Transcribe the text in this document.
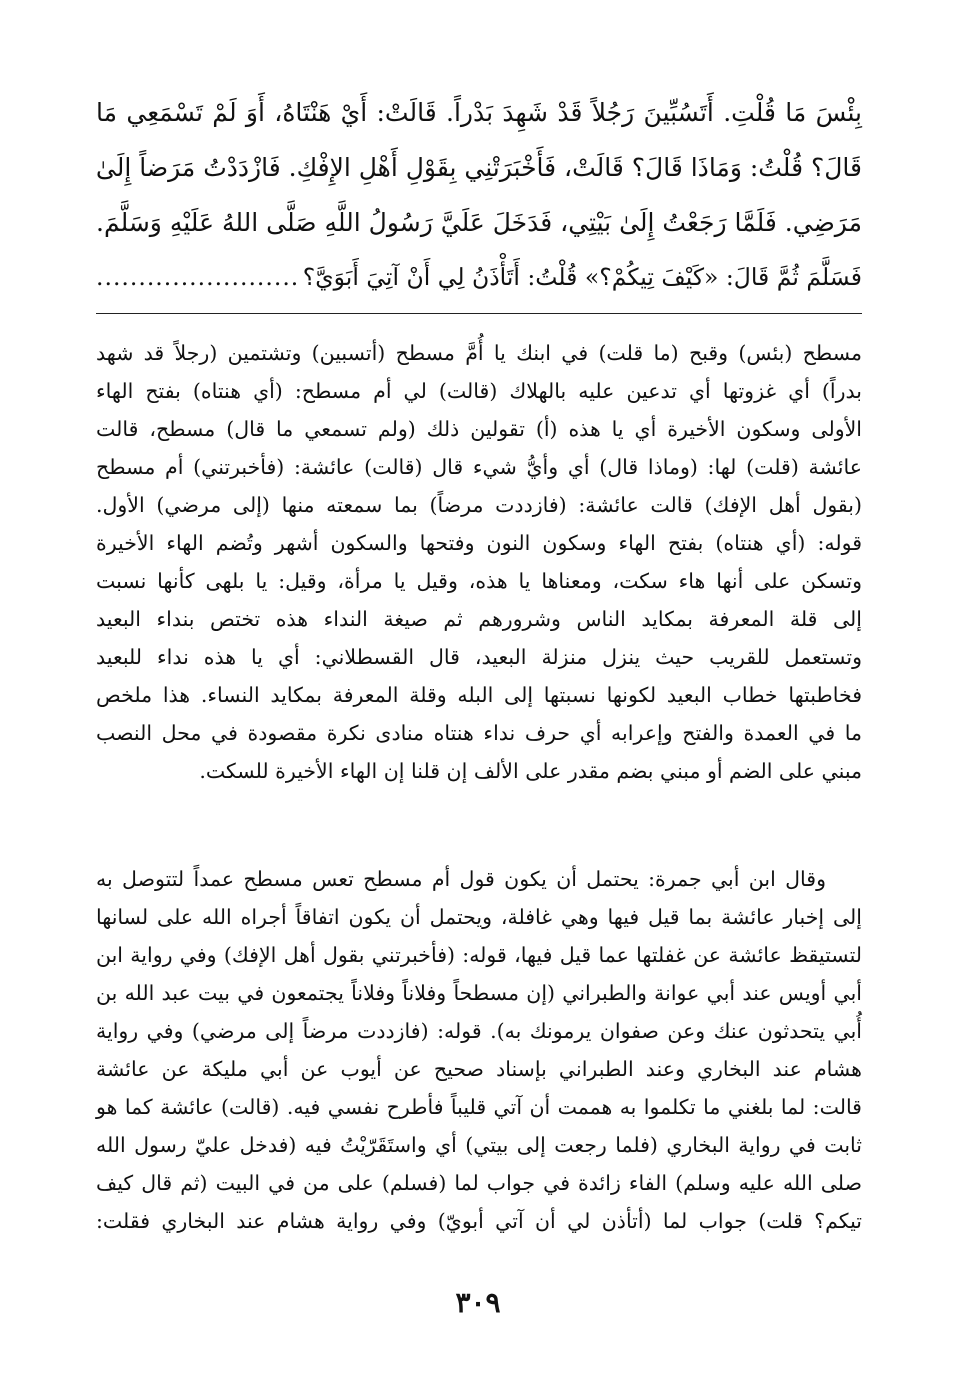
بِئْسَ مَا قُلْتِ. أَتَسُبِّينَ رَجُلاً قَدْ شَهِدَ بَدْراً. قَالَتْ: أَيْ هَنْتَاهُ، أَوَ لَمْ تَسْمَعِي مَا
قَالَ؟ قُلْتُ: وَمَاذَا قَالَ؟ قَالَتْ، فَأَخْبَرَتْنِي بِقَوْلِ أَهْلِ الإِفْكِ. فَازْدَدْتُ مَرَضاً إِلَىٰ
مَرَضِي. فَلَمَّا رَجَعْتُ إِلَىٰ بَيْتِي، فَدَخَلَ عَلَيَّ رَسُولُ اللَّهِ صَلَّى اللهُ عَلَيْهِ وَسَلَّمَ.
فَسَلَّمَ ثُمَّ قَالَ: «كَيْفَ تِيكُمْ؟» قُلْتُ: أَتَأْذَنُ لِي أَنْ آتِيَ أَبَوَيَّ؟
........................
مسطح (بئس) وقبح (ما قلت) في ابنك يا أُمَّ مسطح (أتسبين) وتشتمين (رجلاً قد شهد
بدراً) أي غزوتها أي تدعين عليه بالهلاك (قالت) لي أم مسطح: (أي هنتاه) بفتح الهاء
الأولى وسكون الأخيرة أي يا هذه (أ) تقولين ذلك (ولم تسمعي ما قال) مسطح، قالت
عائشة (قلت) لها: (وماذا قال) أي وأيُّ شيء قال (قالت) عائشة: (فأخبرتني) أم مسطح
(بقول أهل الإفك) قالت عائشة: (فازددت مرضاً) بما سمعته منها (إلى مرضي) الأول.
قوله: (أي هنتاه) بفتح الهاء وسكون النون وفتحها والسكون أشهر وتُضم الهاء الأخيرة
وتسكن على أنها هاء سكت، ومعناها يا هذه، وقيل يا مرأة، وقيل: يا بلهى كأنها نسبت
إلى قلة المعرفة بمكايد الناس وشرورهم ثم صيغة النداء هذه تختص بنداء البعيد
وتستعمل للقريب حيث ينزل منزلة البعيد، قال القسطلاني: أي يا هذه نداء للبعيد
فخاطبتها خطاب البعيد لكونها نسبتها إلى البله وقلة المعرفة بمكايد النساء. هذا ملخص
ما في العمدة والفتح وإعرابه أي حرف نداء هنتاه منادى نكرة مقصودة في محل النصب
مبني على الضم أو مبني بضم مقدر على الألف إن قلنا إن الهاء الأخيرة للسكت.
وقال ابن أبي جمرة: يحتمل أن يكون قول أم مسطح تعس مسطح عمداً لتتوصل به
إلى إخبار عائشة بما قيل فيها وهي غافلة، ويحتمل أن يكون اتفاقاً أجراه الله على لسانها
لتستيقظ عائشة عن غفلتها عما قيل فيها، قوله: (فأخبرتني بقول أهل الإفك) وفي رواية ابن
أبي أويس عند أبي عوانة والطبراني (إن مسطحاً وفلاناً وفلاناً يجتمعون في بيت عبد الله بن
أُبي يتحدثون عنك وعن صفوان يرمونك به). قوله: (فازددت مرضاً إلى مرضي) وفي رواية
هشام عند البخاري وعند الطبراني بإسناد صحيح عن أيوب عن أبي مليكة عن عائشة
قالت: لما بلغني ما تكلموا به هممت أن آتي قليباً فأطرح نفسي فيه. (قالت) عائشة كما هو
ثابت في رواية البخاري (فلما رجعت إلى بيتي) أي واستَقَرّيْتُ فيه (فدخل عليّ رسول الله
صلى الله عليه وسلم) الفاء زائدة في جواب لما (فسلم) على من في البيت (ثم قال كيف
تيكم؟ قلت) جواب لما (أتأذن لي أن آتي أبويّ) وفي رواية هشام عند البخاري فقلت:
٣٠٩
